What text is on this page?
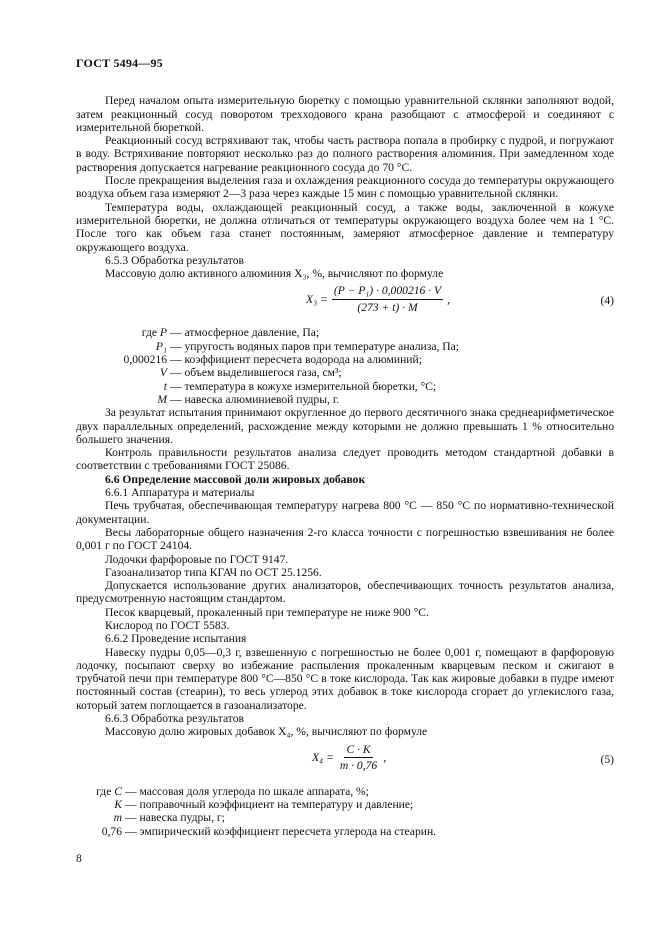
ГОСТ 5494—95

Перед началом опыта измерительную бюретку с помощью уравнительной склянки заполняют водой, затем реакционный сосуд поворотом трехходового крана разобщают с атмосферой и соединяют с измерительной бюреткой.

Реакционный сосуд встряхивают так, чтобы часть раствора попала в пробирку с пудрой, и погружают в воду. Встряхивание повторяют несколько раз до полного растворения алюминия. При замедленном ходе растворения допускается нагревание реакционного сосуда до 70 °С.

После прекращения выделения газа и охлаждения реакционного сосуда до температуры окружающего воздуха объем газа измеряют 2—3 раза через каждые 15 мин с помощью уравнительной склянки.

Температура воды, охлаждающей реакционный сосуд, а также воды, заключенной в кожухе измерительной бюретки, не должна отличаться от температуры окружающего воздуха более чем на 1 °С. После того как объем газа станет постоянным, замеряют атмосферное давление и температуру окружающего воздуха.

6.5.3 Обработка результатов

Массовую долю активного алюминия X₃, %, вычисляют по формуле

$X_3 = \frac{\text{(P − P₁) · 0,000216 · V}}{(273 + t) \cdot M}$ ,	(4)
где P — атмосферное давление, Па;
P₁ — упругость водяных паров при температуре анализа, Па;
0,000216 — коэффициент пересчета водорода на алюминий;
V — объем выделившегося газа, см³;
t — температура в кожухе измерительной бюретки, °С;
M — навеска алюминиевой пудры, г.

За результат испытания принимают округленное до первого десятичного знака среднеарифметическое двух параллельных определений, расхождение между которыми не должно превышать 1 % относительно большего значения.

Контроль правильности результатов анализа следует проводить методом стандартной добавки в соответствии с требованиями ГОСТ 25086.

6.6 Определение массовой доли жировых добавок

6.6.1 Аппаратура и материалы

Печь трубчатая, обеспечивающая температуру нагрева 800 °С — 850 °С по нормативно-технической документации.

Весы лабораторные общего назначения 2-го класса точности с погрешностью взвешивания не более 0,001 г по ГОСТ 24104.

Лодочки фарфоровые по ГОСТ 9147.

Газоанализатор типа КГАЧ по ОСТ 25.1256.

Допускается использование других анализаторов, обеспечивающих точность результатов анализа, предусмотренную настоящим стандартом.

Песок кварцевый, прокаленный при температуре не ниже 900 °С.

Кислород по ГОСТ 5583.

6.6.2 Проведение испытания

Навеску пудры 0,05—0,3 г, взвешенную с погрешностью не более 0,001 г, помещают в фарфоровую лодочку, посыпают сверху во избежание распыления прокаленным кварцевым песком и сжигают в трубчатой печи при температуре 800 °С—850 °С в токе кислорода. Так как жировые добавки в пудре имеют постоянный состав (стеарин), то весь углерод этих добавок в токе кислорода сгорает до углекислого газа, который затем поглощается в газоанализаторе.

6.6.3 Обработка результатов

Массовую долю жировых добавок X₄, %, вычисляют по формуле

$X_4 = \frac{C \cdot K}{m \cdot 0,76}$ ,	(5)
где C — массовая доля углерода по шкале аппарата, %;
K — поправочный коэффициент на температуру и давление;
m — навеска пудры, г;
0,76 — эмпирический коэффициент пересчета углерода на стеарин.
8
